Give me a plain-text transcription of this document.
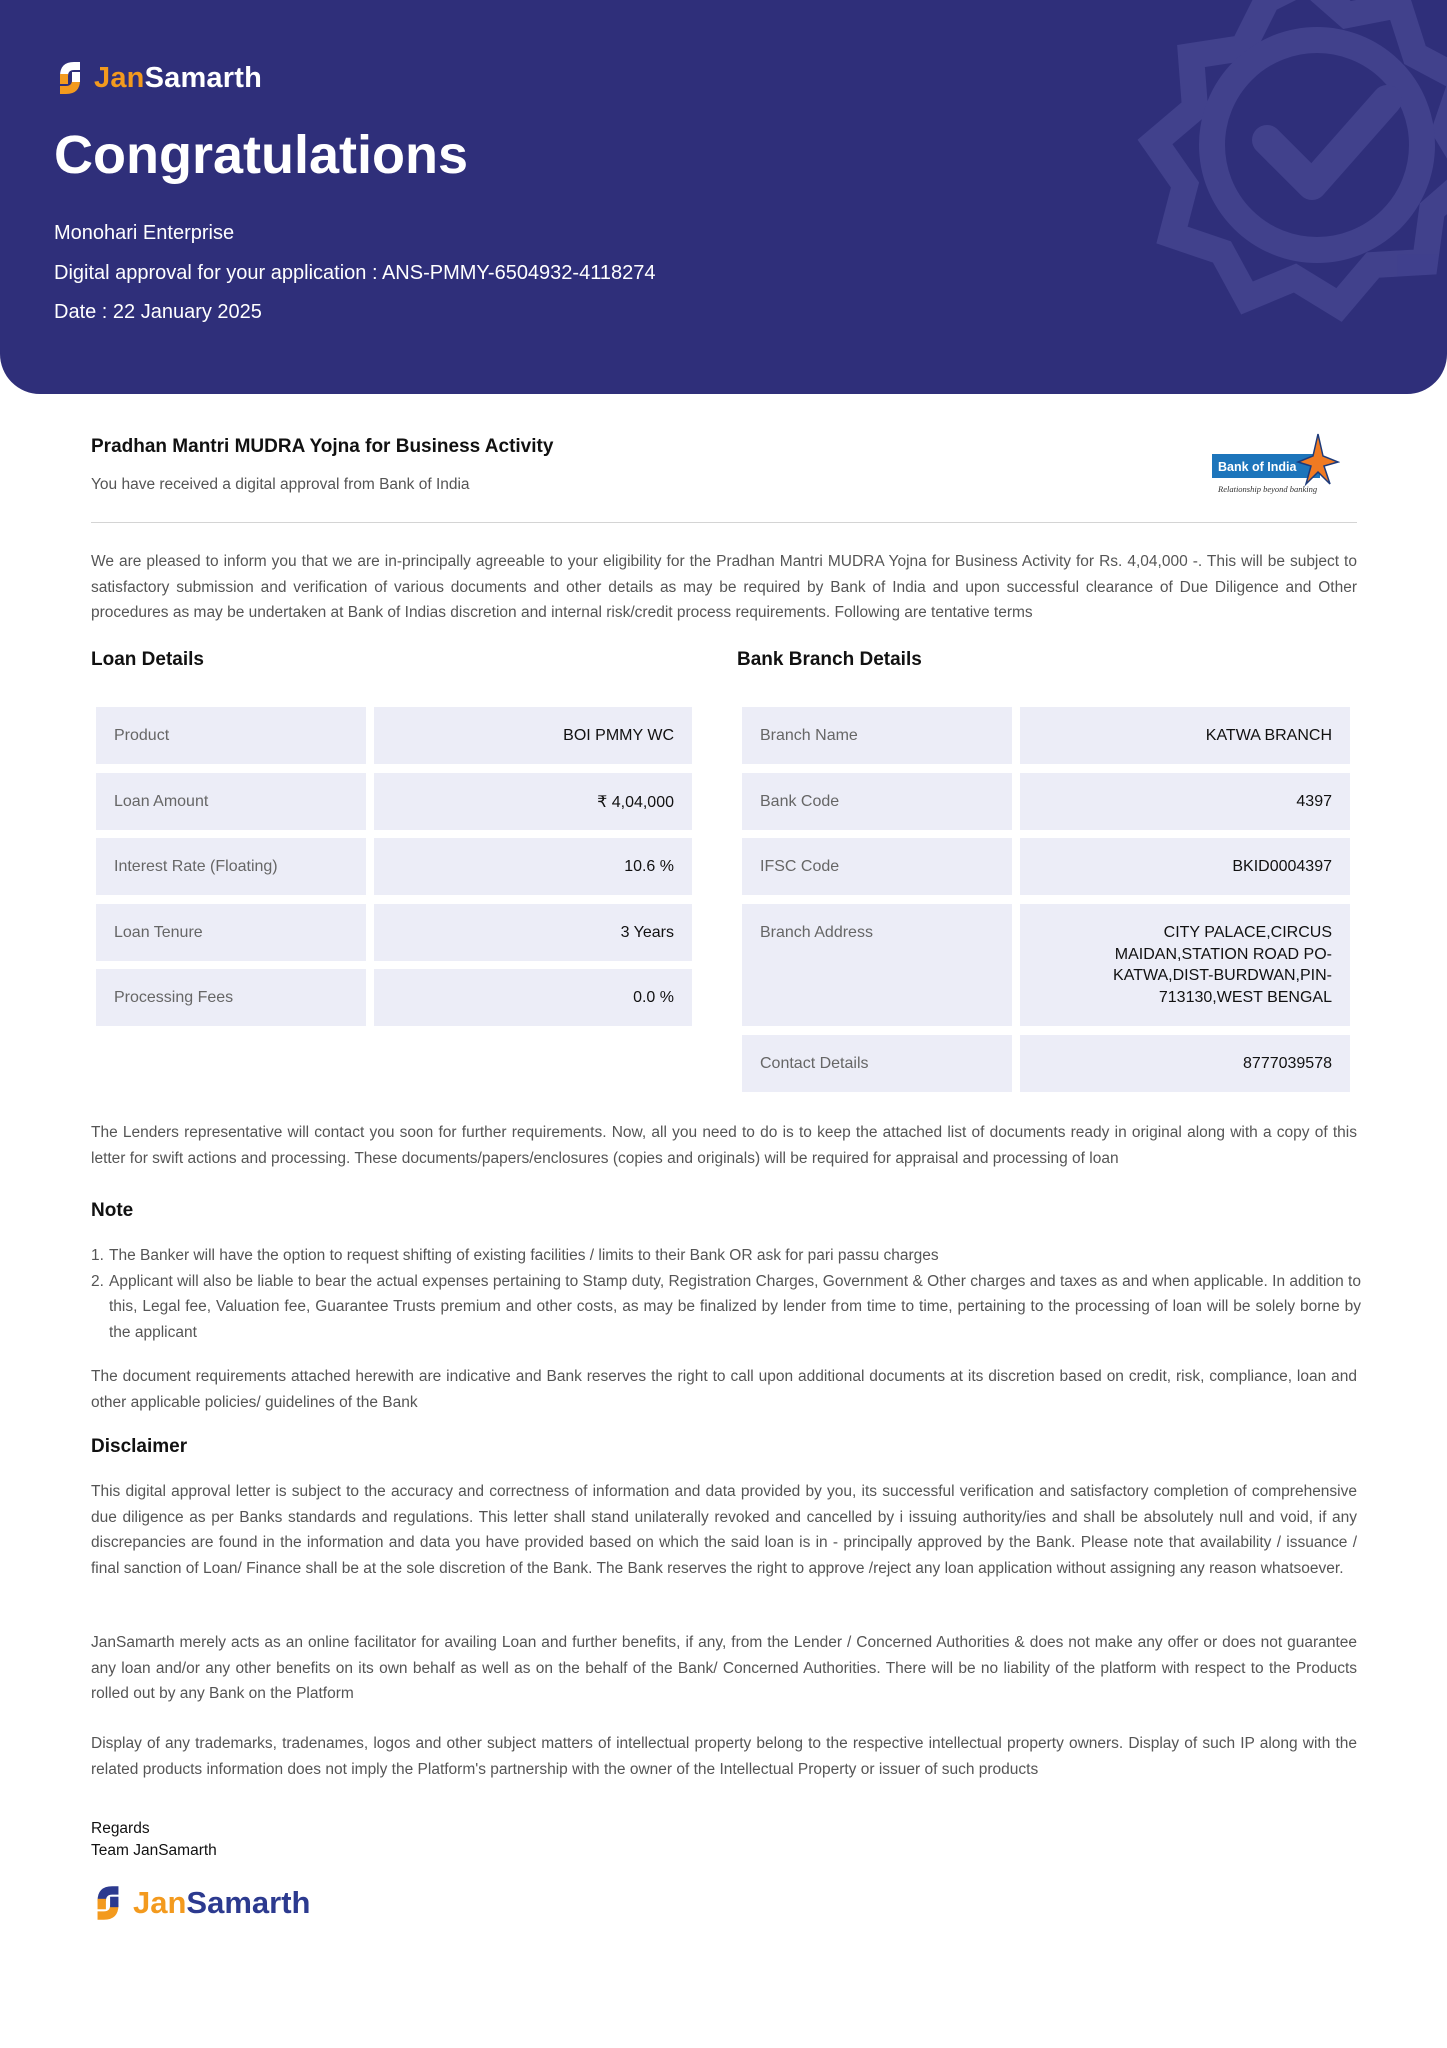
JanSamarth
Congratulations
Monohari Enterprise
Digital approval for your application : ANS-PMMY-6504932-4118274
Date : 22 January 2025
Pradhan Mantri MUDRA Yojna for Business Activity
You have received a digital approval from Bank of India
Bank of India
Relationship beyond banking
We are pleased to inform you that we are in-principally agreeable to your eligibility for the Pradhan Mantri MUDRA Yojna for Business Activity for Rs. 4,04,000 -. This will be subject to satisfactory submission and verification of various documents and other details as may be required by Bank of India and upon successful clearance of Due Diligence and Other procedures as may be undertaken at Bank of Indias discretion and internal risk/credit process requirements. Following are tentative terms
Loan Details
Product	BOI PMMY WC
Loan Amount	₹ 4,04,000
Interest Rate (Floating)	10.6 %
Loan Tenure	3 Years
Processing Fees	0.0 %
Bank Branch Details
Branch Name	KATWA BRANCH
Bank Code	4397
IFSC Code	BKID0004397
Branch Address	CITY PALACE,CIRCUS
MAIDAN,STATION ROAD PO-
KATWA,DIST-BURDWAN,PIN-
713130,WEST BENGAL
Contact Details	8777039578
The Lenders representative will contact you soon for further requirements. Now, all you need to do is to keep the attached list of documents ready in original along with a copy of this letter for swift actions and processing. These documents/papers/enclosures (copies and originals) will be required for appraisal and processing of loan
Note
1. The Banker will have the option to request shifting of existing facilities / limits to their Bank OR ask for pari passu charges
2. Applicant will also be liable to bear the actual expenses pertaining to Stamp duty, Registration Charges, Government & Other charges and taxes as and when applicable. In addition to this, Legal fee, Valuation fee, Guarantee Trusts premium and other costs, as may be finalized by lender from time to time, pertaining to the processing of loan will be solely borne by the applicant
The document requirements attached herewith are indicative and Bank reserves the right to call upon additional documents at its discretion based on credit, risk, compliance, loan and other applicable policies/ guidelines of the Bank
Disclaimer
This digital approval letter is subject to the accuracy and correctness of information and data provided by you, its successful verification and satisfactory completion of comprehensive due diligence as per Banks standards and regulations. This letter shall stand unilaterally revoked and cancelled by i issuing authority/ies and shall be absolutely null and void, if any discrepancies are found in the information and data you have provided based on which the said loan is in - principally approved by the Bank. Please note that availability / issuance / final sanction of Loan/ Finance shall be at the sole discretion of the Bank. The Bank reserves the right to approve /reject any loan application without assigning any reason whatsoever.
JanSamarth merely acts as an online facilitator for availing Loan and further benefits, if any, from the Lender / Concerned Authorities & does not make any offer or does not guarantee any loan and/or any other benefits on its own behalf as well as on the behalf of the Bank/ Concerned Authorities. There will be no liability of the platform with respect to the Products rolled out by any Bank on the Platform
Display of any trademarks, tradenames, logos and other subject matters of intellectual property belong to the respective intellectual property owners. Display of such IP along with the related products information does not imply the Platform's partnership with the owner of the Intellectual Property or issuer of such products
Regards
Team JanSamarth
JanSamarth
